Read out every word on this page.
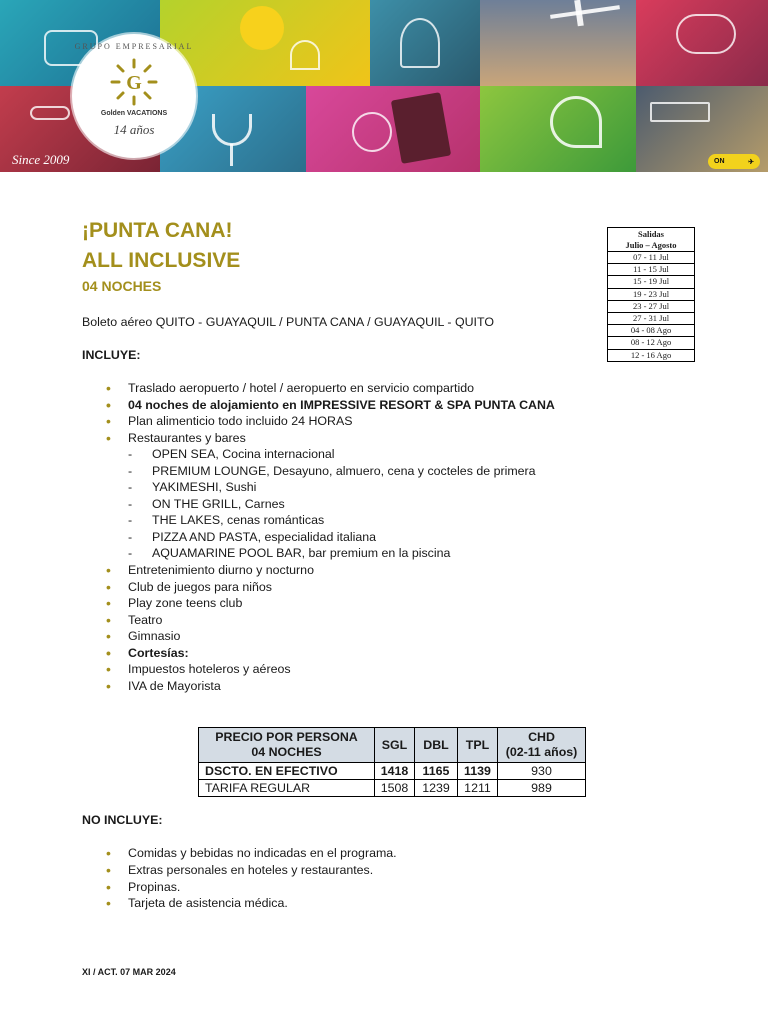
GRUPO EMPRESARIAL
G
Golden VACATIONS
14 años
Since 2009	ON	✈
¡PUNTA CANA!
ALL INCLUSIVE
04 NOCHES
Salidas
Julio – Agosto
07 - 11 Jul
11 - 15 Jul
15 - 19 Jul
19 - 23 Jul
23 - 27 Jul
27 - 31 Jul
04 - 08 Ago
08 - 12 Ago
12 - 16 Ago
Boleto aéreo QUITO - GUAYAQUIL / PUNTA CANA / GUAYAQUIL - QUITO
INCLUYE:
• Traslado aeropuerto / hotel / aeropuerto en servicio compartido
• 04 noches de alojamiento en IMPRESSIVE RESORT & SPA PUNTA CANA
• Plan alimenticio todo incluido 24 HORAS
• Restaurantes y bares
- OPEN SEA, Cocina internacional
- PREMIUM LOUNGE, Desayuno, almuero, cena y cocteles de primera
- YAKIMESHI, Sushi
- ON THE GRILL, Carnes
- THE LAKES, cenas románticas
- PIZZA AND PASTA, especialidad italiana
- AQUAMARINE POOL BAR, bar premium en la piscina
• Entretenimiento diurno y nocturno
• Club de juegos para niños
• Play zone teens club
• Teatro
• Gimnasio
• Cortesías:
• Impuestos hoteleros y aéreos
• IVA de Mayorista
PRECIO POR PERSONA
04 NOCHES	SGL	DBL	TPL	CHD
(02-11 años)
DSCTO. EN EFECTIVO	1418	1165	1139	930
TARIFA REGULAR	1508	1239	1211	989
NO INCLUYE:
• Comidas y bebidas no indicadas en el programa.
• Extras personales en hoteles y restaurantes.
• Propinas.
• Tarjeta de asistencia médica.
XI / ACT. 07 MAR 2024
